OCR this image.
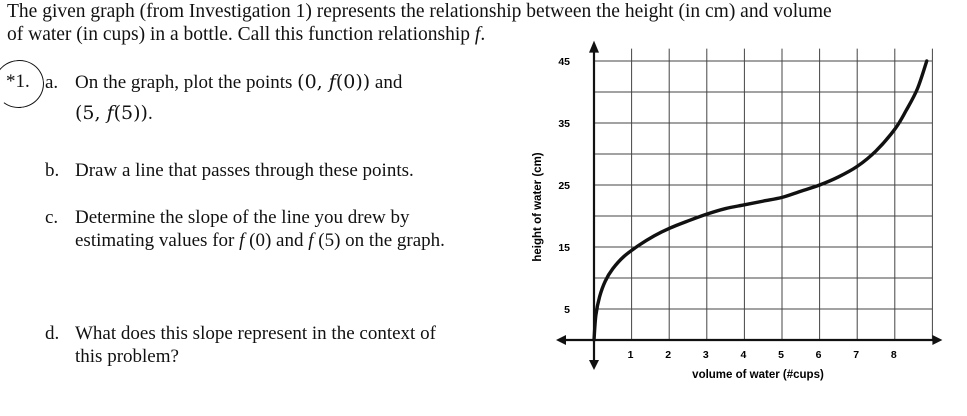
The given graph (from Investigation 1) represents the relationship between the height (in cm) and volume
of water (in cups) in a bottle. Call this function relationship f.
*1. a. On the graph, plot the points (0, f(0)) and
(5, f(5)).
b. Draw a line that passes through these points.
c. Determine the slope of the line you drew by
estimating values for f (0) and f (5) on the graph.
d. What does this slope represent in the context of
this problem?	1	2	3	4	5	6	7	8
5
15
25
35
45
volume of water (#cups)
height of water (cm)
